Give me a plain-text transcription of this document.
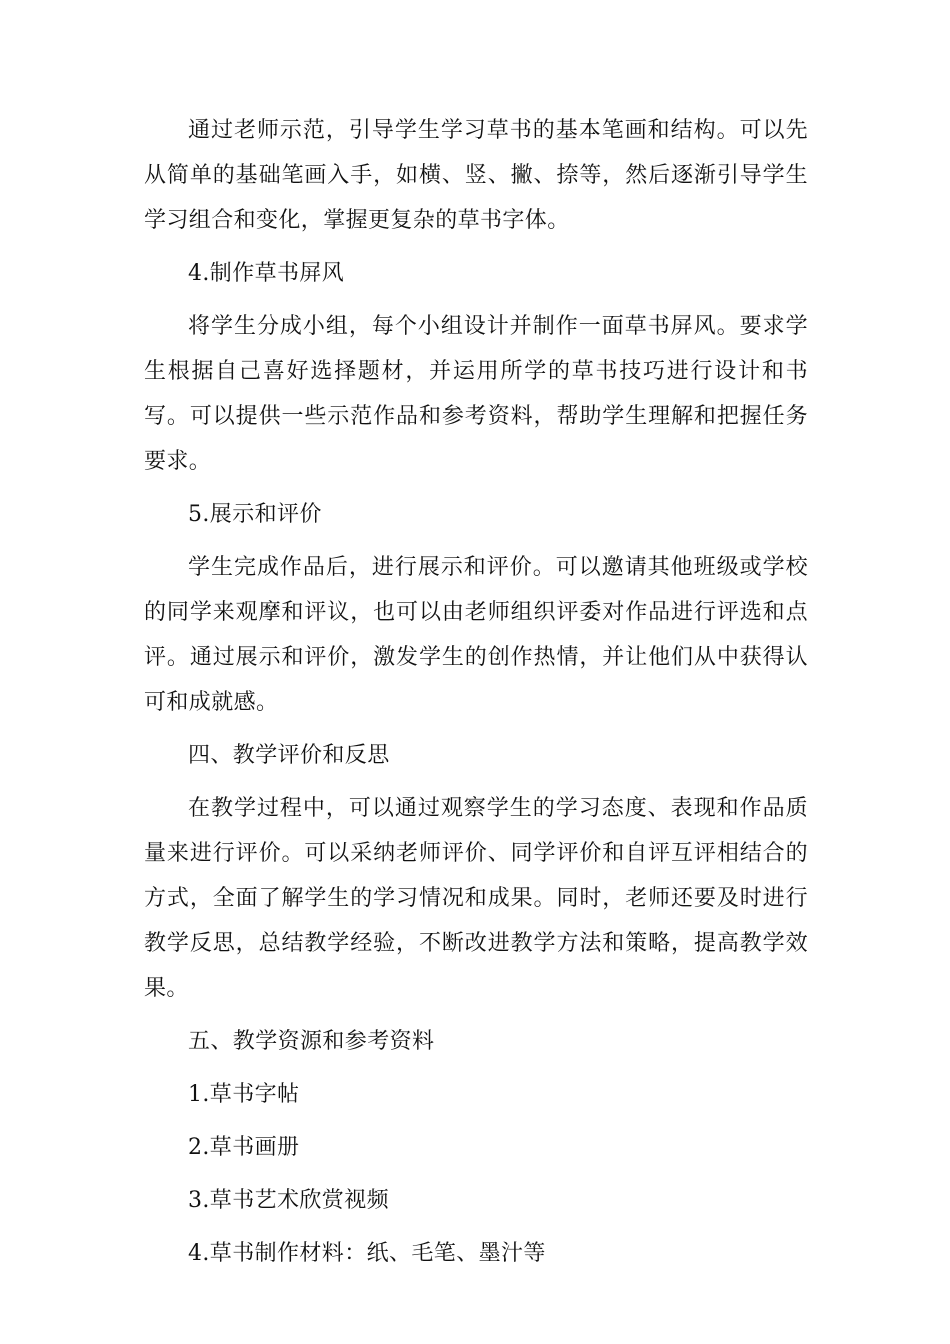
通过老师示范，引导学生学习草书的基本笔画和结构。可以先从简单的基础笔画入手，如横、竖、撇、捺等，然后逐渐引导学生学习组合和变化，掌握更复杂的草书字体。

4.制作草书屏风

将学生分成小组，每个小组设计并制作一面草书屏风。要求学生根据自己喜好选择题材，并运用所学的草书技巧进行设计和书写。可以提供一些示范作品和参考资料，帮助学生理解和把握任务要求。

5.展示和评价

学生完成作品后，进行展示和评价。可以邀请其他班级或学校的同学来观摩和评议，也可以由老师组织评委对作品进行评选和点评。通过展示和评价，激发学生的创作热情，并让他们从中获得认可和成就感。

四、教学评价和反思

在教学过程中，可以通过观察学生的学习态度、表现和作品质量来进行评价。可以采纳老师评价、同学评价和自评互评相结合的方式，全面了解学生的学习情况和成果。同时，老师还要及时进行教学反思，总结教学经验，不断改进教学方法和策略，提高教学效果。

五、教学资源和参考资料

1.草书字帖

2.草书画册

3.草书艺术欣赏视频

4.草书制作材料：纸、毛笔、墨汁等
